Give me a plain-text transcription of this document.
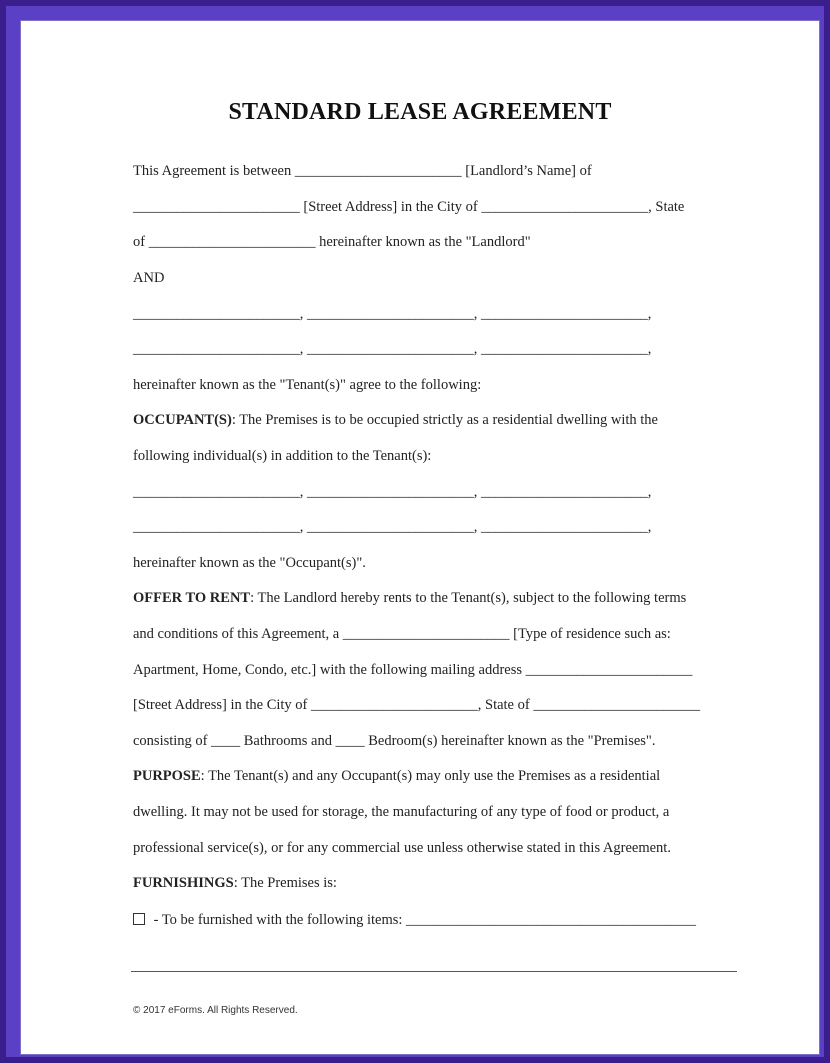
STANDARD LEASE AGREEMENT
This Agreement is between _______________________ [Landlord’s Name] of
_______________________ [Street Address] in the City of _______________________, State
of _______________________ hereinafter known as the "Landlord"
AND
_______________________, _______________________, _______________________,
_______________________, _______________________, _______________________,
hereinafter known as the "Tenant(s)" agree to the following:
OCCUPANT(S): The Premises is to be occupied strictly as a residential dwelling with the
following individual(s) in addition to the Tenant(s):
_______________________, _______________________, _______________________,
_______________________, _______________________, _______________________,
hereinafter known as the "Occupant(s)".
OFFER TO RENT: The Landlord hereby rents to the Tenant(s), subject to the following terms
and conditions of this Agreement, a _______________________ [Type of residence such as:
Apartment, Home, Condo, etc.] with the following mailing address _______________________
[Street Address] in the City of _______________________, State of _______________________
consisting of ____ Bathrooms and ____ Bedroom(s) hereinafter known as the "Premises".
PURPOSE: The Tenant(s) and any Occupant(s) may only use the Premises as a residential
dwelling. It may not be used for storage, the manufacturing of any type of food or product, a
professional service(s), or for any commercial use unless otherwise stated in this Agreement.
FURNISHINGS: The Premises is:
- To be furnished with the following items: ________________________________________
© 2017 eForms. All Rights Reserved.
